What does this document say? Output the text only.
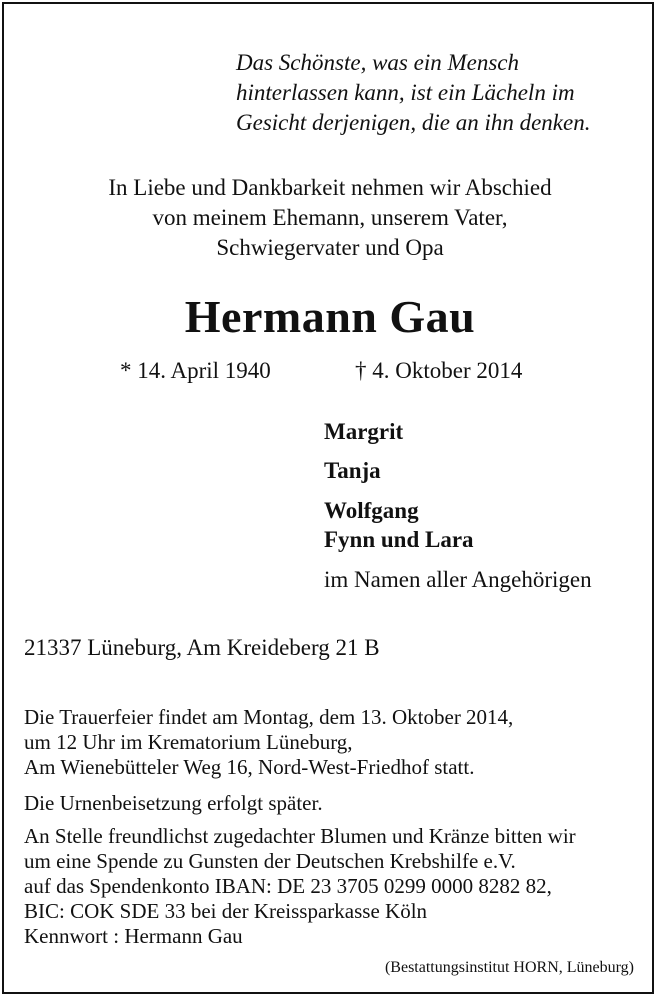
Das Schönste, was ein Mensch
hinterlassen kann, ist ein Lächeln im
Gesicht derjenigen, die an ihn denken.
In Liebe und Dankbarkeit nehmen wir Abschied
von meinem Ehemann, unserem Vater,
Schwiegervater und Opa
Hermann Gau
* 14. April 1940	† 4. Oktober 2014
Margrit
Tanja
Wolfgang
Fynn und Lara
im Namen aller Angehörigen
21337 Lüneburg, Am Kreideberg 21 B
Die Trauerfeier findet am Montag, dem 13. Oktober 2014,
um 12 Uhr im Krematorium Lüneburg,
Am Wienebütteler Weg 16, Nord-West-Friedhof statt.
Die Urnenbeisetzung erfolgt später.
An Stelle freundlichst zugedachter Blumen und Kränze bitten wir
um eine Spende zu Gunsten der Deutschen Krebshilfe e.V.
auf das Spendenkonto IBAN: DE 23 3705 0299 0000 8282 82,
BIC: COK SDE 33 bei der Kreissparkasse Köln
Kennwort : Hermann Gau
(Bestattungsinstitut HORN, Lüneburg)
